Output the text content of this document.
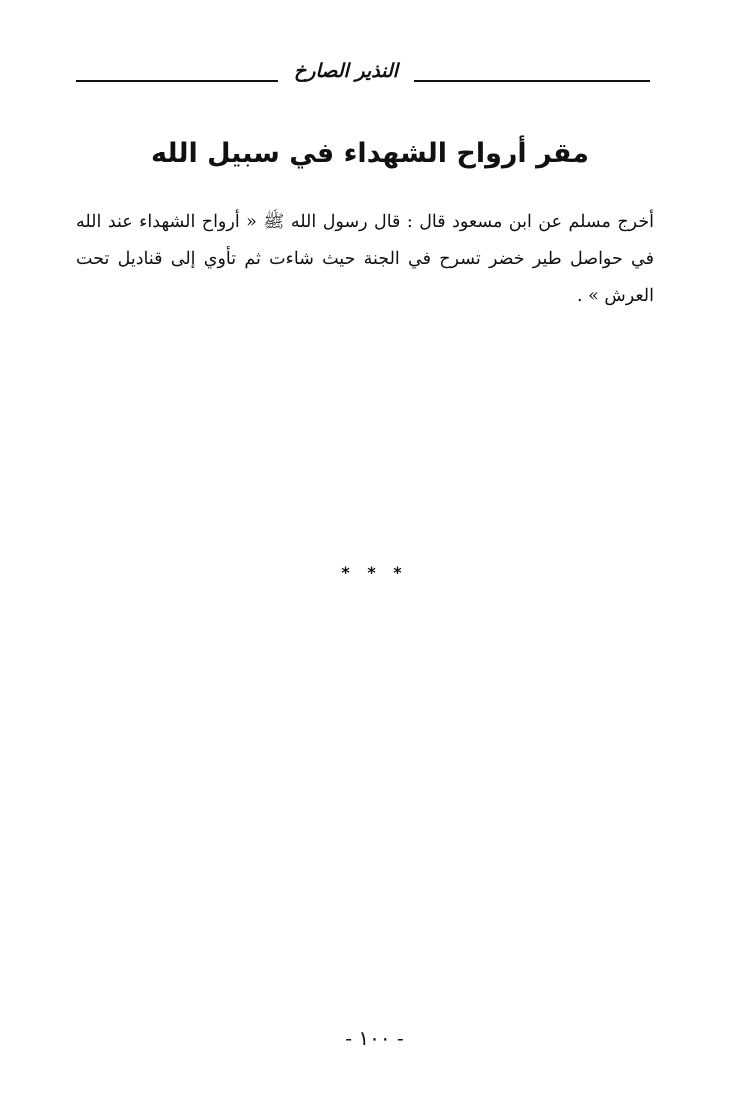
النذير الصارخ
مقر أرواح الشهداء في سبيل الله

أخرج مسلم عن ابن مسعود قال : قال رسول الله ﷺ « أرواح الشهداء عند الله في حواصل طير خضر تسرح في الجنة حيث شاءت ثم تأوي إلى قناديل تحت العرش » .

* * *
- ١٠٠ -
